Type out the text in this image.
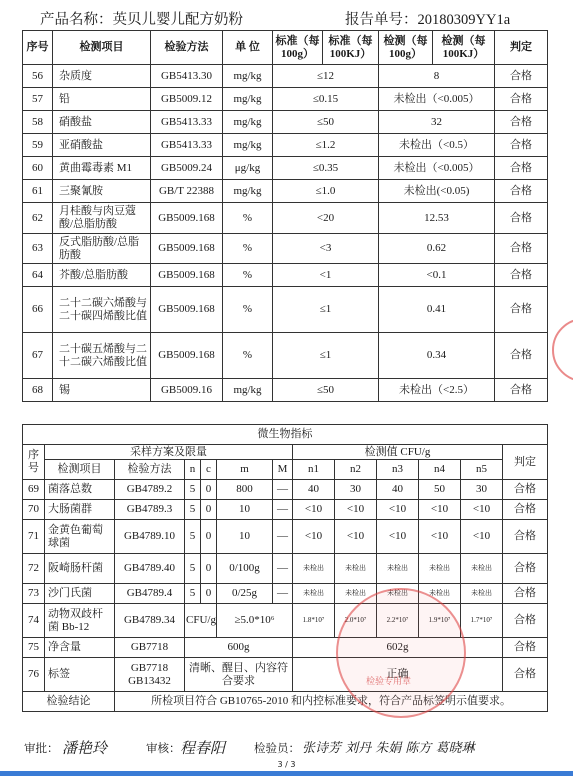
产品名称：英贝儿婴儿配方奶粉	报告单号：20180309YY1a
序号	检测项目	检验方法	单 位	标准（每100g）	标准（每100KJ）	检测（每100g）	检测（每100KJ）	判定
56	杂质度	GB5413.30	mg/kg	≤12		8		合格
57	铅	GB5009.12	mg/kg	≤0.15		未检出（<0.005）		合格
58	硝酸盐	GB5413.33	mg/kg	≤50		32		合格
59	亚硝酸盐	GB5413.33	mg/kg	≤1.2		未检出（<0.5）		合格
60	黄曲霉毒素 M1	GB5009.24	μg/kg	≤0.35		未检出（<0.005）		合格
61	三聚氰胺	GB/T 22388	mg/kg	≤1.0		未检出(<0.05)		合格
62	月桂酸与肉豆蔻酸/总脂肪酸	GB5009.168	%	<20		12.53		合格
63	反式脂肪酸/总脂肪酸	GB5009.168	%	<3		0.62		合格
64	芥酸/总脂肪酸	GB5009.168	%	<1		<0.1		合格
66	二十二碳六烯酸与二十碳四烯酸比值	GB5009.168	%	≤1		0.41		合格
67	二十碳五烯酸与二十二碳六烯酸比值	GB5009.168	%	≤1		0.34		合格
68	锡	GB5009.16	mg/kg	≤50		未检出（<2.5）		合格
微生物指标												
序号	采样方案及限量						检测值 CFU/g					判定
	检测项目	检验方法	n	c	m	M	n1	n2	n3	n4	n5	
69	菌落总数	GB4789.2	5	0	800	—	40	30	40	50	30	合格
70	大肠菌群	GB4789.3	5	0	10	—	<10	<10	<10	<10	<10	合格
71	金黄色葡萄球菌	GB4789.10	5	0	10	—	<10	<10	<10	<10	<10	合格
72	阪崎肠杆菌	GB4789.40	5	0	0/100g	—	未检出	未检出	未检出	未检出	未检出	合格
73	沙门氏菌	GB4789.4	5	0	0/25g	—	未检出	未检出	未检出	未检出	未检出	合格
74	动物双歧杆菌 Bb-12	GB4789.34	CFU/g		≥5.0*10⁶		1.8*10⁷	2.0*10⁷	2.2*10⁷	1.9*10⁷	1.7*10⁷	合格
75	净含量	GB7718	600g				602g					合格
76	标签	GB7718
GB13432	清晰、醒目、内容符合要求				正确					合格
检验结论		所检项目符合 GB10765-2010 和内控标准要求，符合产品标签明示值要求。										
检验专用章
审批： 潘艳玲	审核： 程春阳	检验员： 张诗芳 刘丹 朱娟 陈方 葛晓琳
3 / 3
